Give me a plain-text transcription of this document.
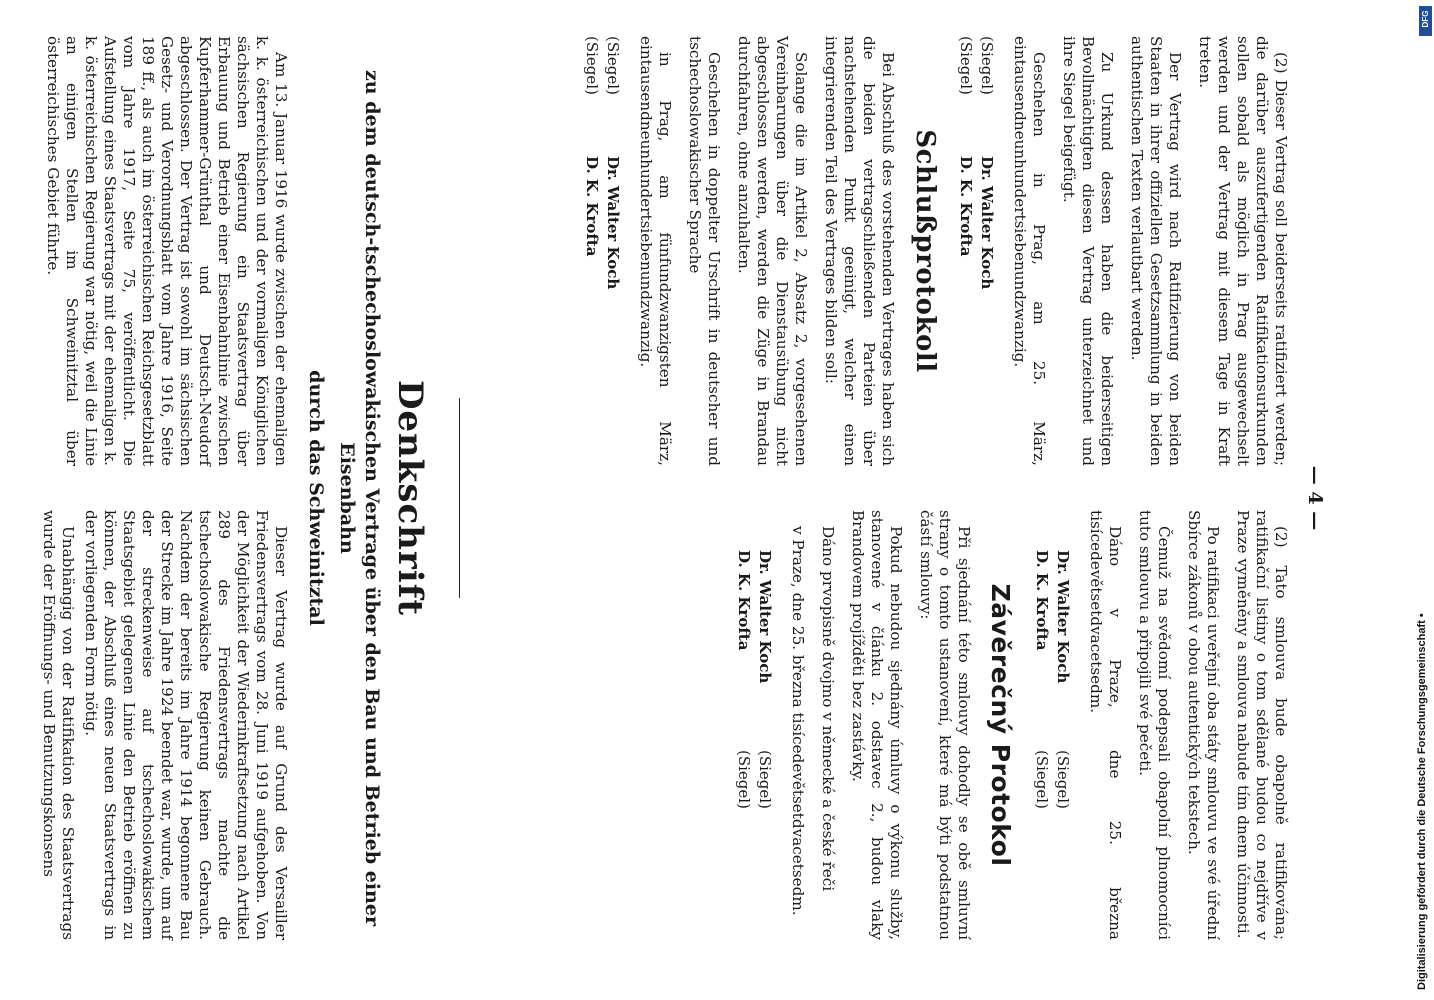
— 4 —

(2) Dieser Vertrag soll beiderseits ratifiziert werden; die darüber auszufertigenden Ratifikationsurkunden sollen sobald als möglich in Prag ausgewechselt werden und der Vertrag mit diesem Tage in Kraft treten.

Der Vertrag wird nach Ratifizierung von beiden Staaten in ihrer offiziellen Gesetzsammlung in beiden authentischen Texten verlautbart werden.

Zu Urkund dessen haben die beiderseitigen Bevollmächtigten diesen Vertrag unterzeichnet und ihre Siegel beigefügt.

Geschehen in Prag, am 25. März, eintausendneunhundertsiebenundzwanzig.

(Siegel)
Dr. Walter Koch
(Siegel)
D. K. Krofta
Schlußprotokoll

Bei Abschluß des vorstehenden Vertrages haben sich die beiden vertragschließenden Parteien über nachstehenden Punkt geeinigt, welcher einen integrierenden Teil des Vertrages bilden soll:

Solange die im Artikel 2, Absatz 2, vorgesehenen Vereinbarungen über die Dienstausübung nicht abgeschlossen werden, werden die Züge in Brandau durchfahren, ohne anzuhalten.

Geschehen in doppelter Urschrift in deutscher und tschechoslowakischer Sprache

in Prag, am fünfundzwanzigsten März, eintausendneunhundertsiebenundzwanzig.

(Siegel)
Dr. Walter Koch
(Siegel)
D. K. Krofta

(2) Tato smlouva bude obapolně ratifikována; ratifikační listiny o tom sdělané budou co nejdříve v Praze vyměněny a smlouva nabude tím dnem účinnosti.

Po ratifikaci uveřejní oba státy smlouvu ve své úřední Sbírce zákonů v obou autentických tekstech.

Čemuž na svědomí podepsali obapolní plnomocníci tuto smlouvu a připojili své pečeti.

Dáno v Praze, dne 25. března tisícedevětsetdvacetsedm.

Dr. Walter Koch
(Siegel)
D. K. Krofta
(Siegel)
Závěrečný Protokol

Při sjednání této smlouvy dohodly se obě smluvní strany o tomto ustanovení, které má býti podstatnou částí smlouvy:

Pokud nebudou sjednány úmluvy o výkonu služby, stanovené v článku 2. odstavec 2., budou vlaky Brandovem projížděti bez zastávky.

Dáno prvopisně dvojmo v německé a české řeči

v Praze, dne 25. března tisícedevětsetdvacetsedm.

Dr. Walter Koch
(Siegel)
D. K. Krofta
(Siegel)
Denkschrift
zu dem deutsch-tschechoslowakischen Vertrage über den Bau und Betrieb einer Eisenbahn
durch das Schweinitztal

Am 13. Januar 1916 wurde zwischen der ehemaligen k. k. österreichischen und der vormaligen Königlichen sächsischen Regierung ein Staatsvertrag über Erbauung und Betrieb einer Eisenbahnlinie zwischen Kupferhammer-Grünthal und Deutsch-Neudorf abgeschlossen. Der Vertrag ist sowohl im sächsischen Gesetz- und Verordnungsblatt vom Jahre 1916, Seite 189 ff., als auch im österreichischen Reichsgesetzblatt vom Jahre 1917, Seite 75, veröffentlicht. Die Aufstellung eines Staatsvertrags mit der ehemaligen k. k. österreichischen Regierung war nötig, weil die Linie an einigen Stellen im Schweinitztal über österreichisches Gebiet führte.

Dieser Vertrag wurde auf Grund des Versailler Friedensvertrags vom 28. Juni 1919 aufgehoben. Von der Möglichkeit der Wiederinkraftsetzung nach Artikel 289 des Friedensvertrags machte die tschechoslowakische Regierung keinen Gebrauch. Nachdem der bereits im Jahre 1914 begonnene Bau der Strecke im Jahre 1924 beendet war, wurde, um auf der streckenweise auf tschechoslowakischem Staatsgebiet gelegenen Linie den Betrieb eröffnen zu können, der Abschluß eines neuen Staatsvertrags in der vorliegenden Form nötig.

Unabhängig von der Ratifikation des Staatsvertrags wurde der Eröffnungs- und Benutzungskonsens

DFG
Digitalisierung gefördert durch die Deutsche Forschungsgemeinschaft •
